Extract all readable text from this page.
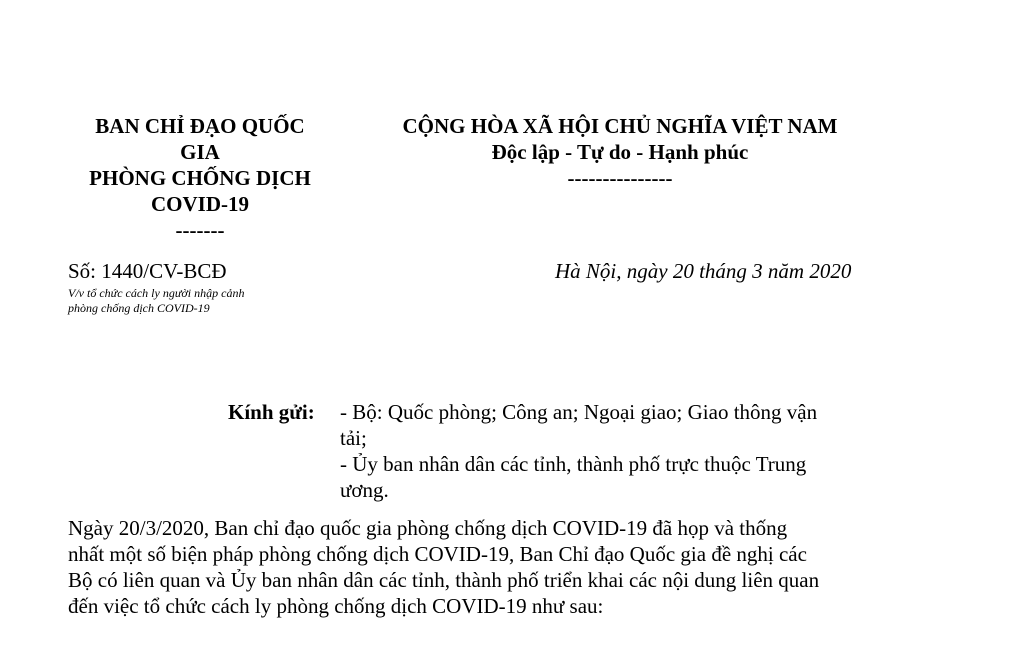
BAN CHỈ ĐẠO QUỐC
GIA
PHÒNG CHỐNG DỊCH
COVID-19
-------
CỘNG HÒA XÃ HỘI CHỦ NGHĨA VIỆT NAM
Độc lập - Tự do - Hạnh phúc
---------------
Số: 1440/CV-BCĐ
V/v tổ chức cách ly người nhập cảnh
phòng chống dịch COVID-19
Hà Nội, ngày 20 tháng 3 năm 2020
Kính gửi: - Bộ: Quốc phòng; Công an; Ngoại giao; Giao thông vận
tải;
- Ủy ban nhân dân các tỉnh, thành phố trực thuộc Trung
ương.
Ngày 20/3/2020, Ban chỉ đạo quốc gia phòng chống dịch COVID-19 đã họp và thống
nhất một số biện pháp phòng chống dịch COVID-19, Ban Chỉ đạo Quốc gia đề nghị các
Bộ có liên quan và Ủy ban nhân dân các tỉnh, thành phố triển khai các nội dung liên quan
đến việc tổ chức cách ly phòng chống dịch COVID-19 như sau:
